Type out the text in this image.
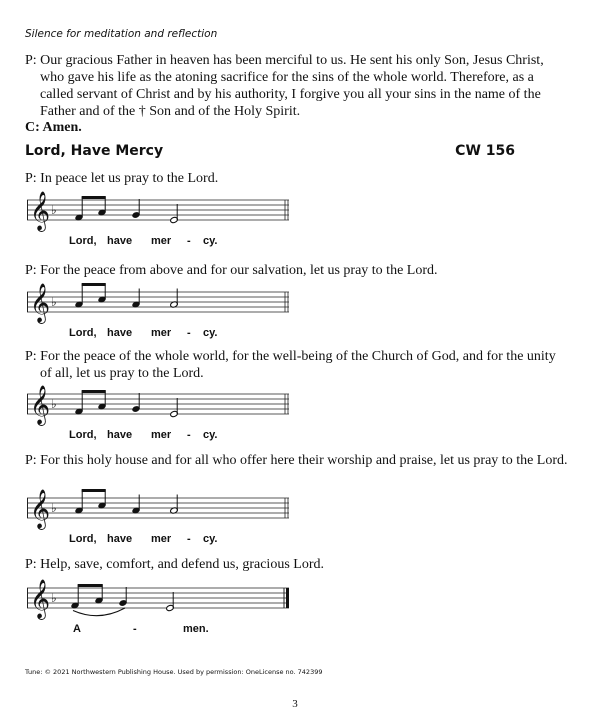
Silence for meditation and reflection
P: Our gracious Father in heaven has been merciful to us. He sent his only Son, Jesus Christ, who gave his life as the atoning sacrifice for the sins of the whole world. Therefore, as a called servant of Christ and by his authority, I forgive you all your sins in the name of the Father and of the † Son and of the Holy Spirit.
C: Amen.
Lord, Have Mercy	CW 156
P: In peace let us pray to the Lord.
𝄞 ♭
Lord, have mer - cy.
P: For the peace from above and for our salvation, let us pray to the Lord.
𝄞 ♭
Lord, have mer - cy.
P: For the peace of the whole world, for the well-being of the Church of God, and for the unity of all, let us pray to the Lord.
𝄞 ♭
Lord, have mer - cy.
P: For this holy house and for all who offer here their worship and praise, let us pray to the Lord.
𝄞 ♭
Lord, have mer - cy.
P: Help, save, comfort, and defend us, gracious Lord.
𝄞 ♭
A	-	men.
Tune: © 2021 Northwestern Publishing House. Used by permission: OneLicense no. 742399
3
